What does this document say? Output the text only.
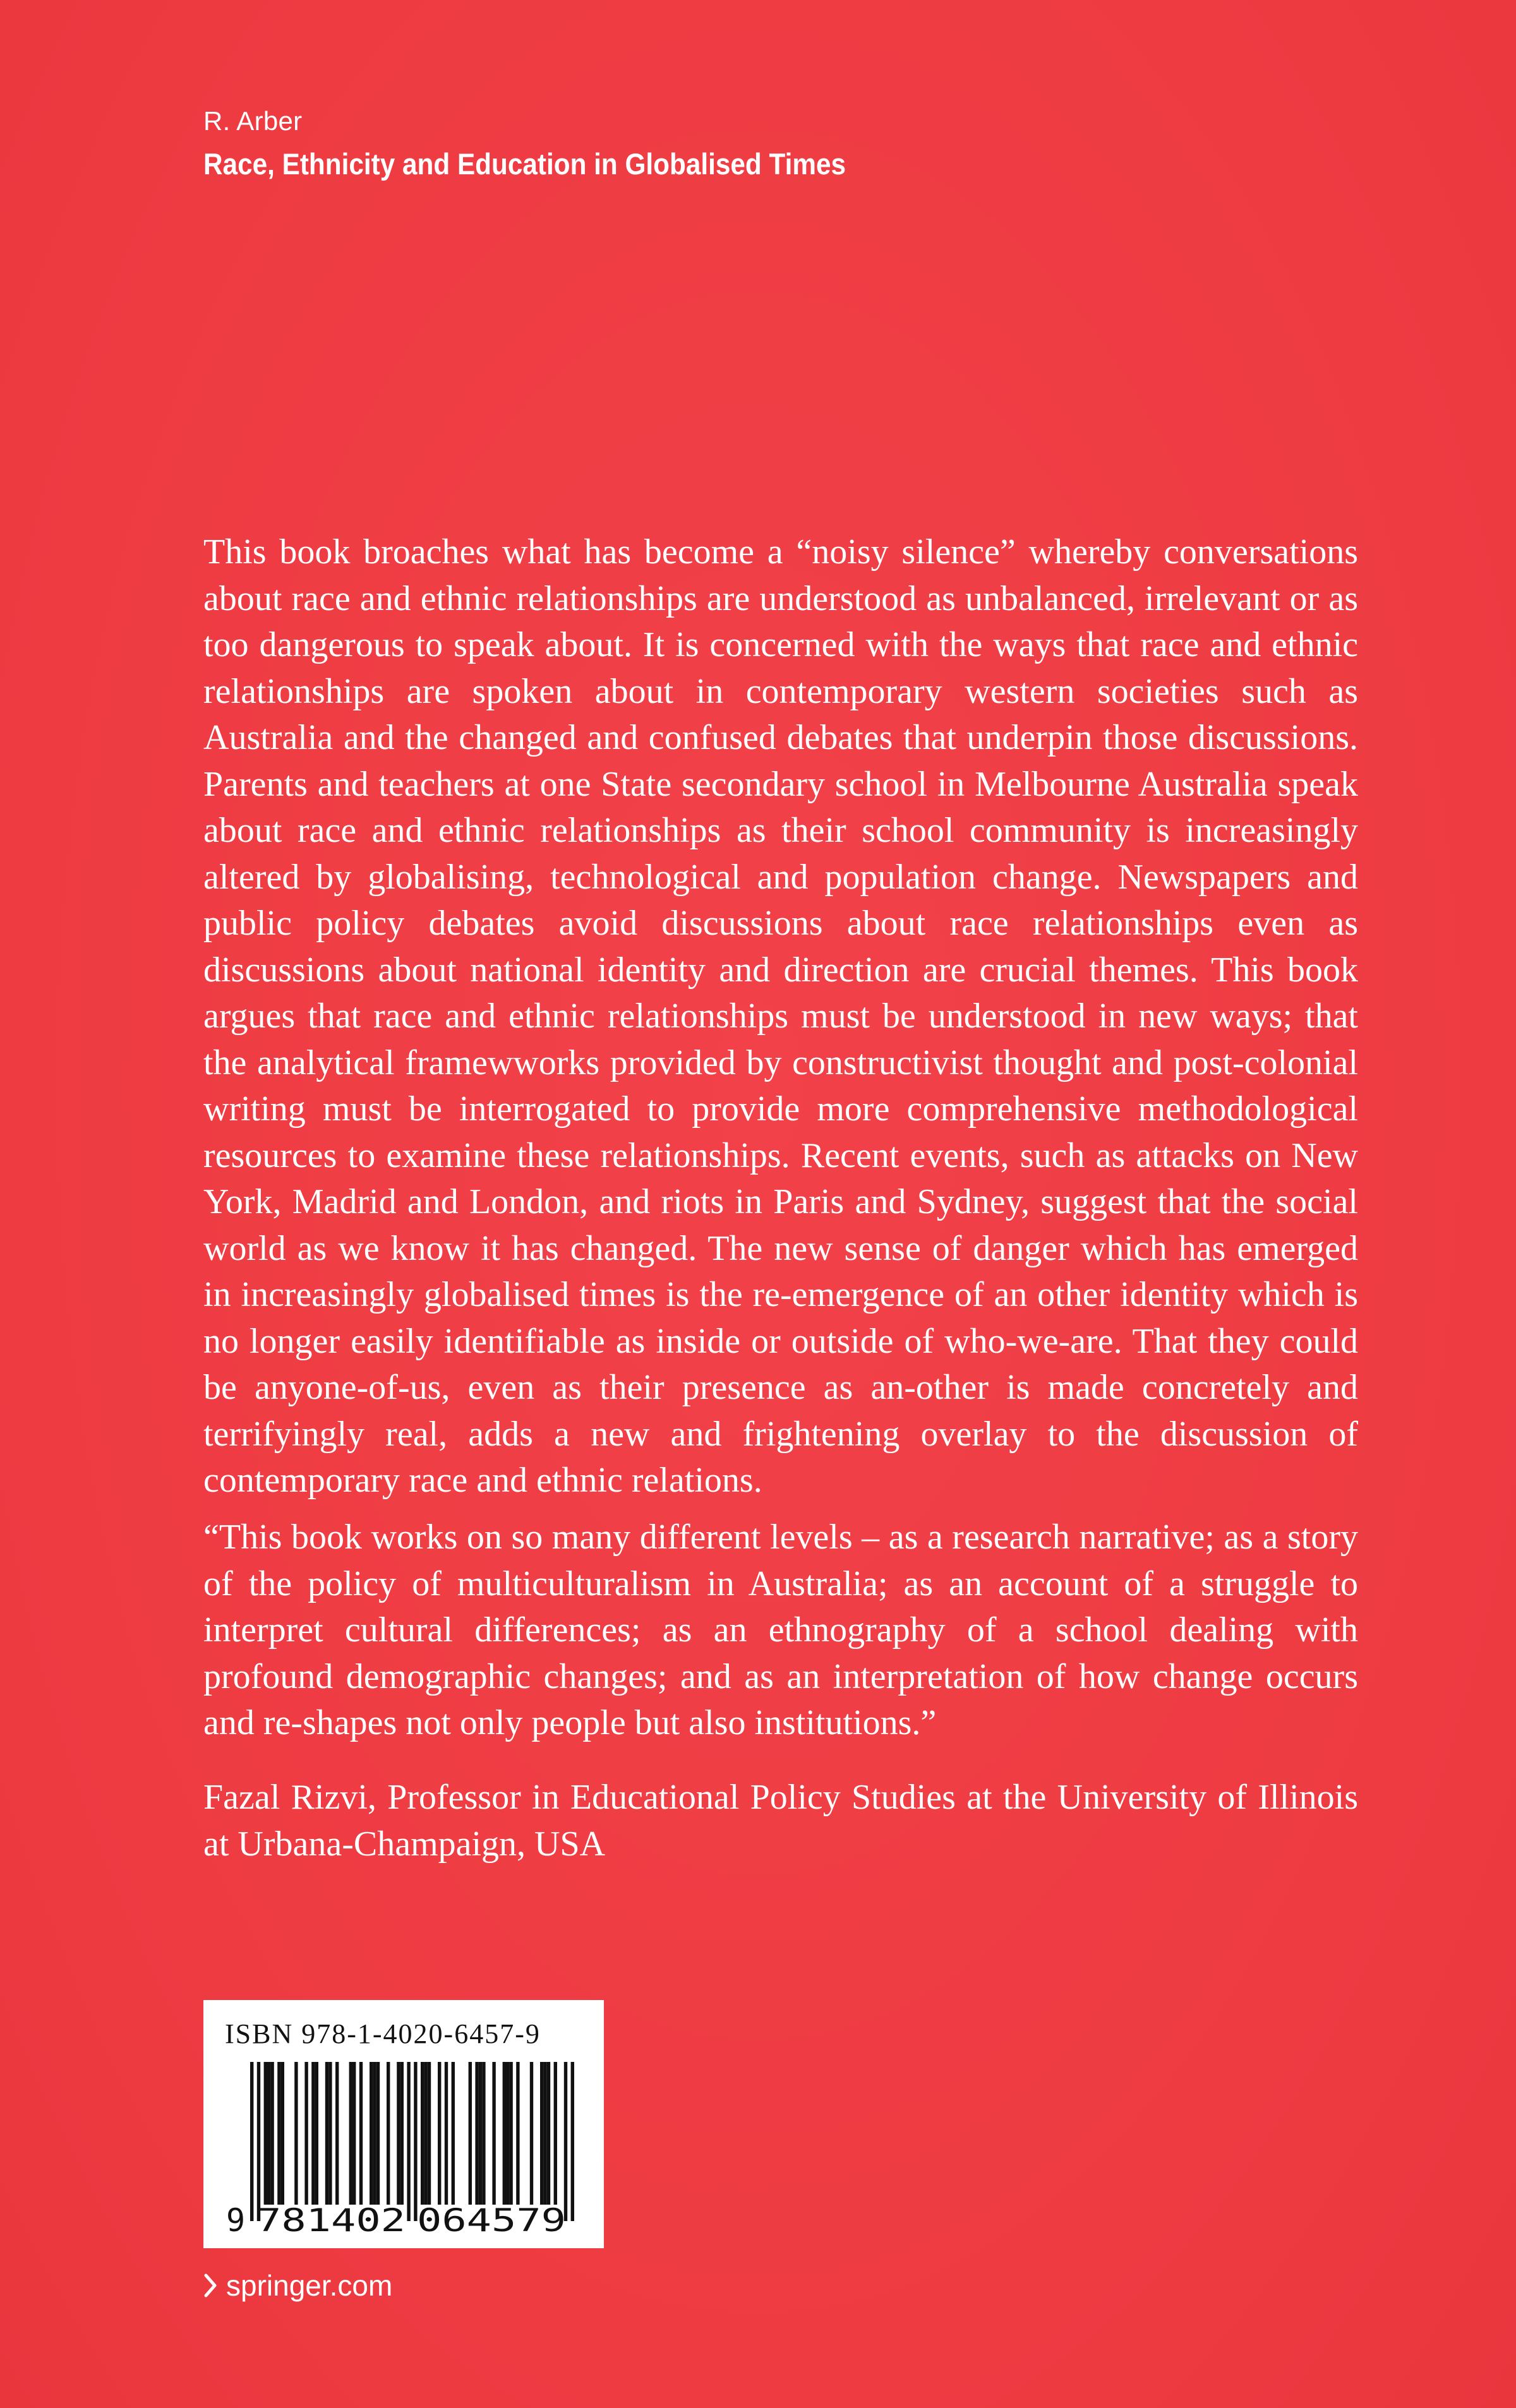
R. Arber
Race, Ethnicity and Education in Globalised Times
This book broaches what has become a “noisy silence” whereby conversations about race and ethnic relationships are understood as unbalanced, irrelevant or as too dangerous to speak about. It is concerned with the ways that race and ethnic relationships are spoken about in contemporary western societies such as Australia and the changed and confused debates that underpin those discussions. Parents and teachers at one State secondary school in Melbourne Australia speak about race and ethnic relationships as their school community is increasingly altered by globalising, technological and population change. Newspapers and public policy debates avoid discussions about race relationships even as discussions about national identity and direction are crucial themes. This book argues that race and ethnic relationships must be understood in new ways; that the analytical framewworks provided by constructivist thought and post-colonial writing must be interrogated to provide more comprehensive methodological resources to examine these relationships. Recent events, such as attacks on New York, Madrid and London, and riots in Paris and Sydney, suggest that the social world as we know it has changed. The new sense of danger which has emerged in increasingly globalised times is the re-emergence of an other identity which is no longer easily identifiable as inside or outside of who-we-are. That they could be anyone-of-us, even as their presence as an-other is made concretely and terrifyingly real, adds a new and frightening overlay to the discussion of contemporary race and ethnic relations.
“This book works on so many different levels – as a research narrative; as a story of the policy of multiculturalism in Australia; as an account of a struggle to interpret cultural differences; as an ethnography of a school dealing with profound demographic changes; and as an interpretation of how change occurs and re-shapes not only people but also institutions.”
Fazal Rizvi, Professor in Educational Policy Studies at the University of Illinois at Urbana-Champaign, USA
ISBN 978-1-4020-6457-9
9 781402 064579
springer.com
